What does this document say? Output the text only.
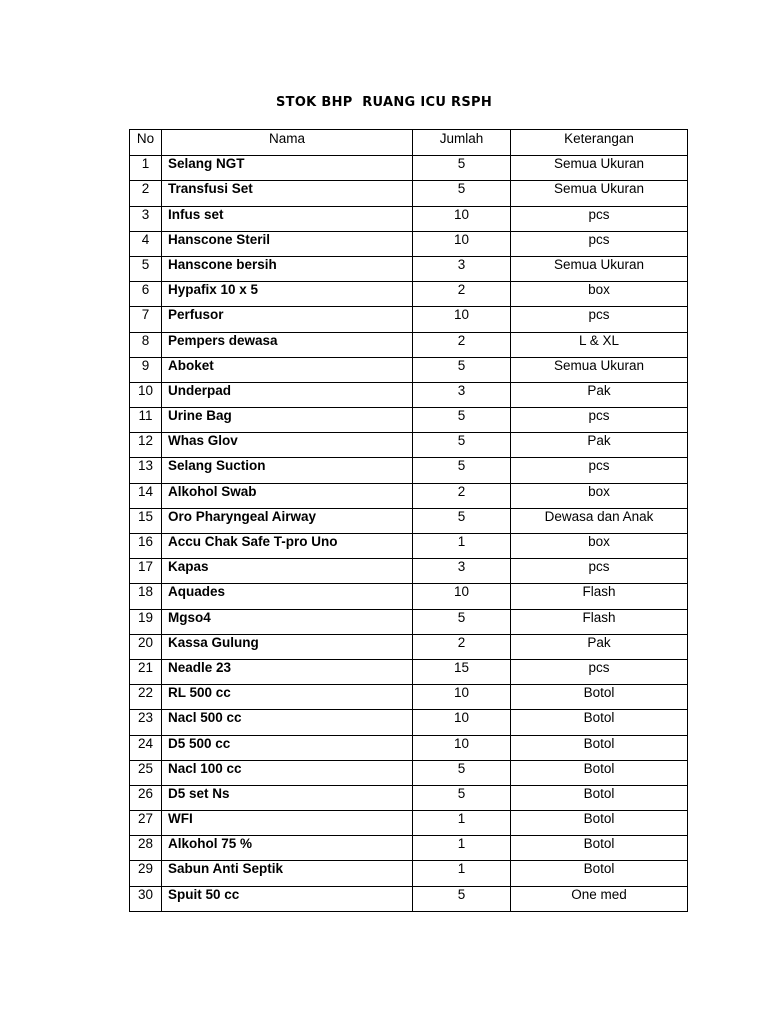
STOK BHP  RUANG ICU RSPH
No	Nama	Jumlah	Keterangan
1	Selang NGT	5	Semua Ukuran
2	Transfusi Set	5	Semua Ukuran
3	Infus set	10	pcs
4	Hanscone Steril	10	pcs
5	Hanscone bersih	3	Semua Ukuran
6	Hypafix 10 x 5	2	box
7	Perfusor	10	pcs
8	Pempers dewasa	2	L & XL
9	Aboket	5	Semua Ukuran
10	Underpad	3	Pak
11	Urine Bag	5	pcs
12	Whas Glov	5	Pak
13	Selang Suction	5	pcs
14	Alkohol Swab	2	box
15	Oro Pharyngeal Airway	5	Dewasa dan Anak
16	Accu Chak Safe T-pro Uno	1	box
17	Kapas	3	pcs
18	Aquades	10	Flash
19	Mgso4	5	Flash
20	Kassa Gulung	2	Pak
21	Neadle 23	15	pcs
22	RL 500 cc	10	Botol
23	Nacl 500 cc	10	Botol
24	D5 500 cc	10	Botol
25	Nacl 100 cc	5	Botol
26	D5 set Ns	5	Botol
27	WFI	1	Botol
28	Alkohol 75 %	1	Botol
29	Sabun Anti Septik	1	Botol
30	Spuit 50 cc	5	One med
